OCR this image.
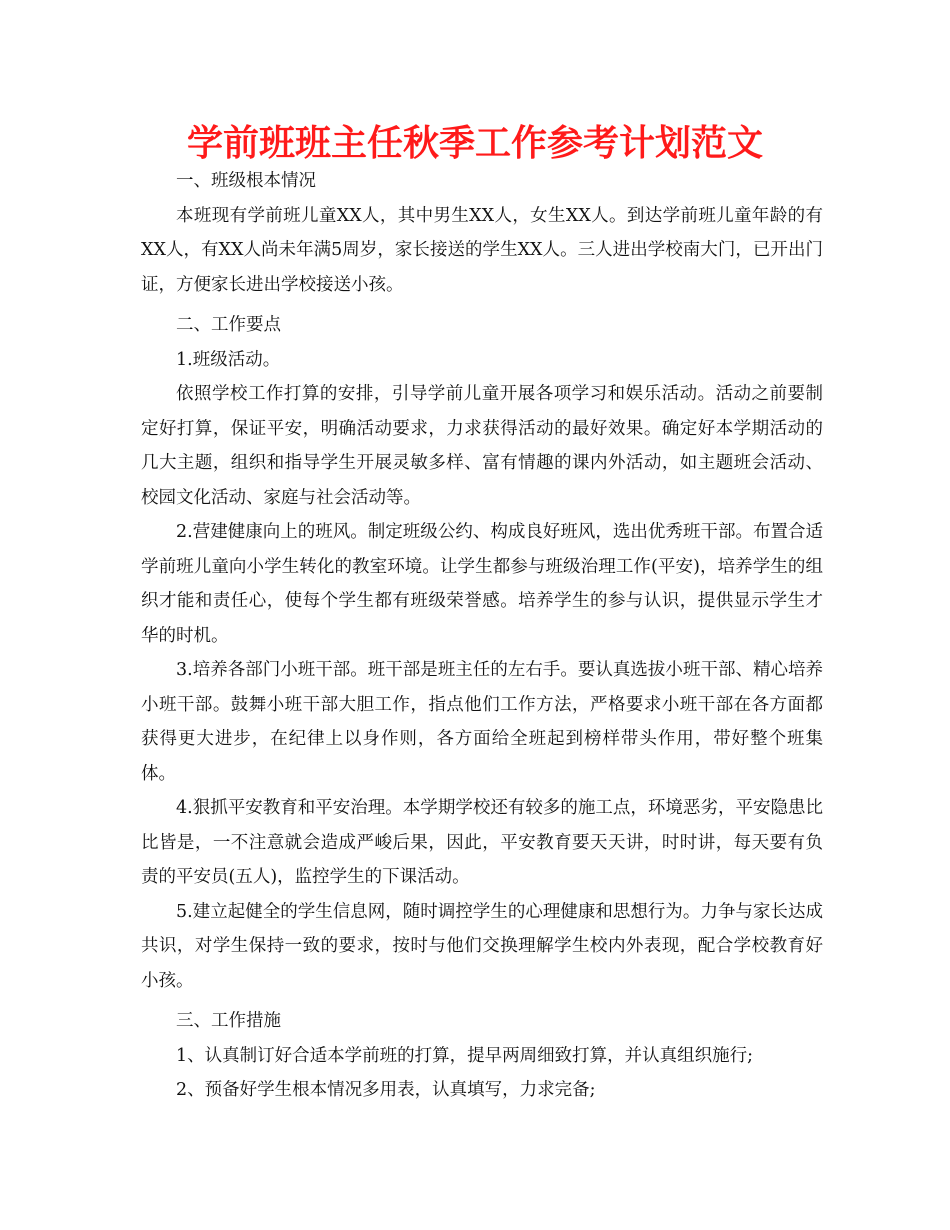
学前班班主任秋季工作参考计划范文

一、班级根本情况

本班现有学前班儿童XX人，其中男生XX人，女生XX人。到达学前班儿童年龄的有XX人，有XX人尚未年满5周岁，家长接送的学生XX人。三人进出学校南大门，已开出门证，方便家长进出学校接送小孩。

二、工作要点

1.班级活动。

依照学校工作打算的安排，引导学前儿童开展各项学习和娱乐活动。活动之前要制定好打算，保证平安，明确活动要求，力求获得活动的最好效果。确定好本学期活动的几大主题，组织和指导学生开展灵敏多样、富有情趣的课内外活动，如主题班会活动、校园文化活动、家庭与社会活动等。

2.营建健康向上的班风。制定班级公约、构成良好班风，选出优秀班干部。布置合适学前班儿童向小学生转化的教室环境。让学生都参与班级治理工作(平安)，培养学生的组织才能和责任心，使每个学生都有班级荣誉感。培养学生的参与认识，提供显示学生才华的时机。

3.培养各部门小班干部。班干部是班主任的左右手。要认真选拔小班干部、精心培养小班干部。鼓舞小班干部大胆工作，指点他们工作方法，严格要求小班干部在各方面都获得更大进步，在纪律上以身作则，各方面给全班起到榜样带头作用，带好整个班集体。

4.狠抓平安教育和平安治理。本学期学校还有较多的施工点，环境恶劣，平安隐患比比皆是，一不注意就会造成严峻后果，因此，平安教育要天天讲，时时讲，每天要有负责的平安员(五人)，监控学生的下课活动。

5.建立起健全的学生信息网，随时调控学生的心理健康和思想行为。力争与家长达成共识，对学生保持一致的要求，按时与他们交换理解学生校内外表现，配合学校教育好小孩。

三、工作措施

1、认真制订好合适本学前班的打算，提早两周细致打算，并认真组织施行;

2、预备好学生根本情况多用表，认真填写，力求完备;
